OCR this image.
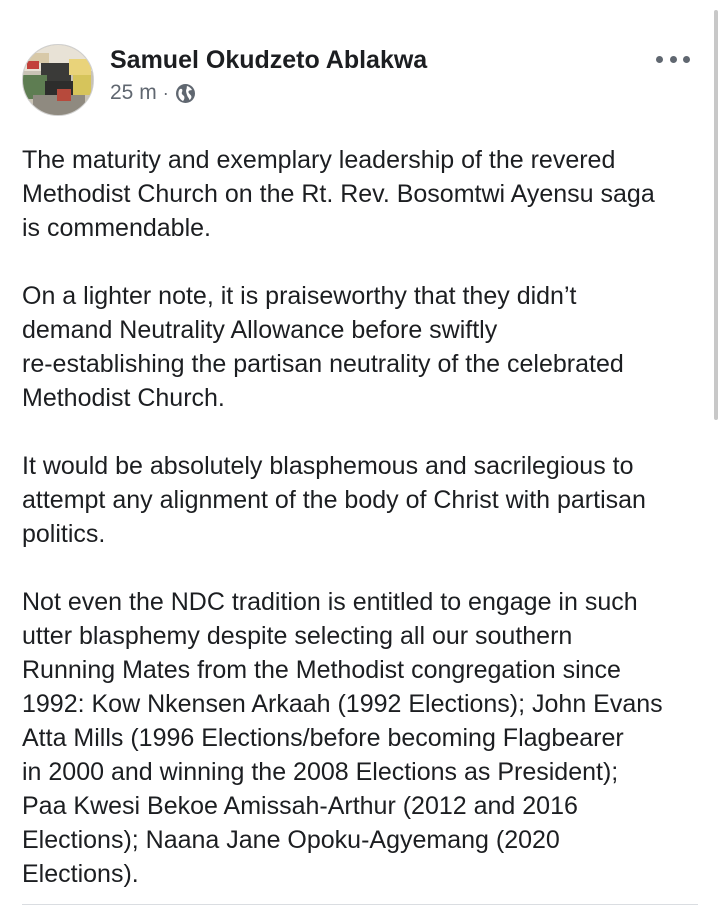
Samuel Okudzeto Ablakwa
25 m ·

The maturity and exemplary leadership of the revered
Methodist Church on the Rt. Rev. Bosomtwi Ayensu saga
is commendable.

On a lighter note, it is praiseworthy that they didn’t
demand Neutrality Allowance before swiftly
re-establishing the partisan neutrality of the celebrated
Methodist Church.

It would be absolutely blasphemous and sacrilegious to
attempt any alignment of the body of Christ with partisan
politics.

Not even the NDC tradition is entitled to engage in such
utter blasphemy despite selecting all our southern
Running Mates from the Methodist congregation since
1992: Kow Nkensen Arkaah (1992 Elections); John Evans
Atta Mills (1996 Elections/before becoming Flagbearer
in 2000 and winning the 2008 Elections as President);
Paa Kwesi Bekoe Amissah-Arthur (2012 and 2016
Elections); Naana Jane Opoku-Agyemang (2020
Elections).
